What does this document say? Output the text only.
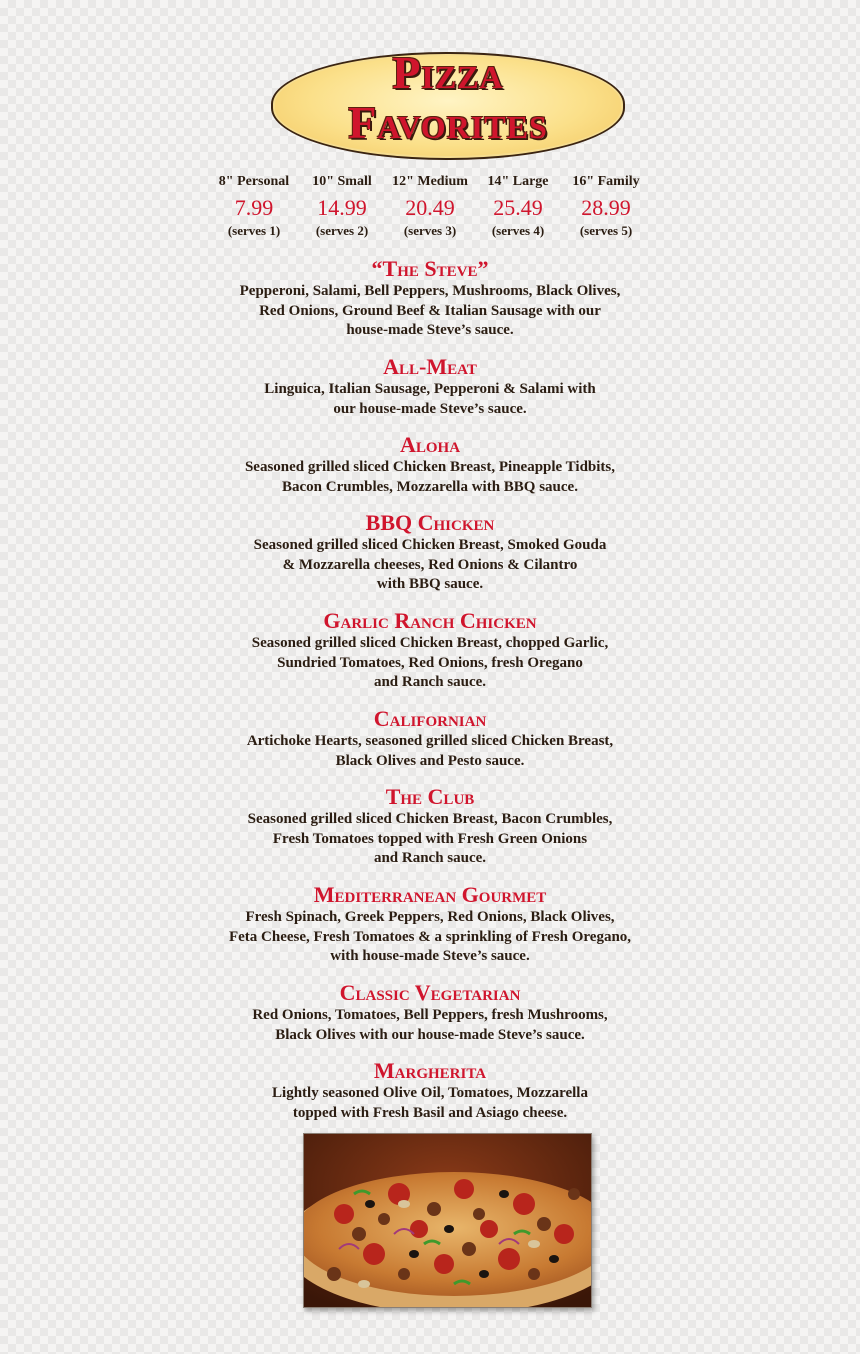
Pizza
Favorites
8" Personal
7.99
(serves 1)
10" Small
14.99
(serves 2)
12" Medium
20.49
(serves 3)
14" Large
25.49
(serves 4)
16" Family
28.99
(serves 5)
“The Steve”
Pepperoni, Salami, Bell Peppers, Mushrooms, Black Olives,
Red Onions, Ground Beef & Italian Sausage with our
house-made Steve’s sauce.
All-Meat
Linguica, Italian Sausage, Pepperoni & Salami with
our house-made Steve’s sauce.
Aloha
Seasoned grilled sliced Chicken Breast, Pineapple Tidbits,
Bacon Crumbles, Mozzarella with BBQ sauce.
BBQ Chicken
Seasoned grilled sliced Chicken Breast, Smoked Gouda
& Mozzarella cheeses, Red Onions & Cilantro
with BBQ sauce.
Garlic Ranch Chicken
Seasoned grilled sliced Chicken Breast, chopped Garlic,
Sundried Tomatoes, Red Onions, fresh Oregano
and Ranch sauce.
Californian
Artichoke Hearts, seasoned grilled sliced Chicken Breast,
Black Olives and Pesto sauce.
The Club
Seasoned grilled sliced Chicken Breast, Bacon Crumbles,
Fresh Tomatoes topped with Fresh Green Onions
and Ranch sauce.
Mediterranean Gourmet
Fresh Spinach, Greek Peppers, Red Onions, Black Olives,
Feta Cheese, Fresh Tomatoes & a sprinkling of Fresh Oregano,
with house-made Steve’s sauce.
Classic Vegetarian
Red Onions, Tomatoes, Bell Peppers, fresh Mushrooms,
Black Olives with our house-made Steve’s sauce.
Margherita
Lightly seasoned Olive Oil, Tomatoes, Mozzarella
topped with Fresh Basil and Asiago cheese.
